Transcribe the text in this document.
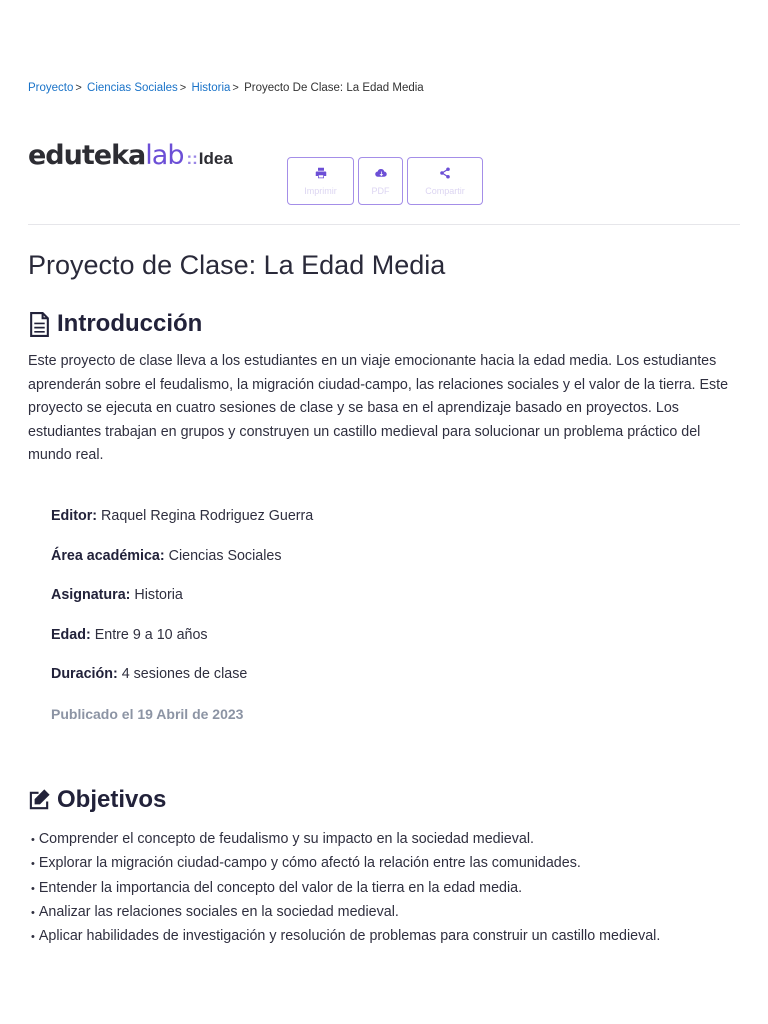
Proyecto > Ciencias Sociales > Historia > Proyecto De Clase: La Edad Media
eduteka lab ::Idea
Imprimir	PDF	Compartir
Proyecto de Clase: La Edad Media
Introducción

Este proyecto de clase lleva a los estudiantes en un viaje emocionante hacia la edad media. Los estudiantes aprenderán sobre el feudalismo, la migración ciudad-campo, las relaciones sociales y el valor de la tierra. Este proyecto se ejecuta en cuatro sesiones de clase y se basa en el aprendizaje basado en proyectos. Los estudiantes trabajan en grupos y construyen un castillo medieval para solucionar un problema práctico del mundo real.

Editor: Raquel Regina Rodriguez Guerra
Área académica: Ciencias Sociales
Asignatura: Historia
Edad: Entre 9 a 10 años
Duración: 4 sesiones de clase
Publicado el 19 Abril de 2023
Objetivos
• Comprender el concepto de feudalismo y su impacto en la sociedad medieval.
• Explorar la migración ciudad-campo y cómo afectó la relación entre las comunidades.
• Entender la importancia del concepto del valor de la tierra en la edad media.
• Analizar las relaciones sociales en la sociedad medieval.
• Aplicar habilidades de investigación y resolución de problemas para construir un castillo medieval.
